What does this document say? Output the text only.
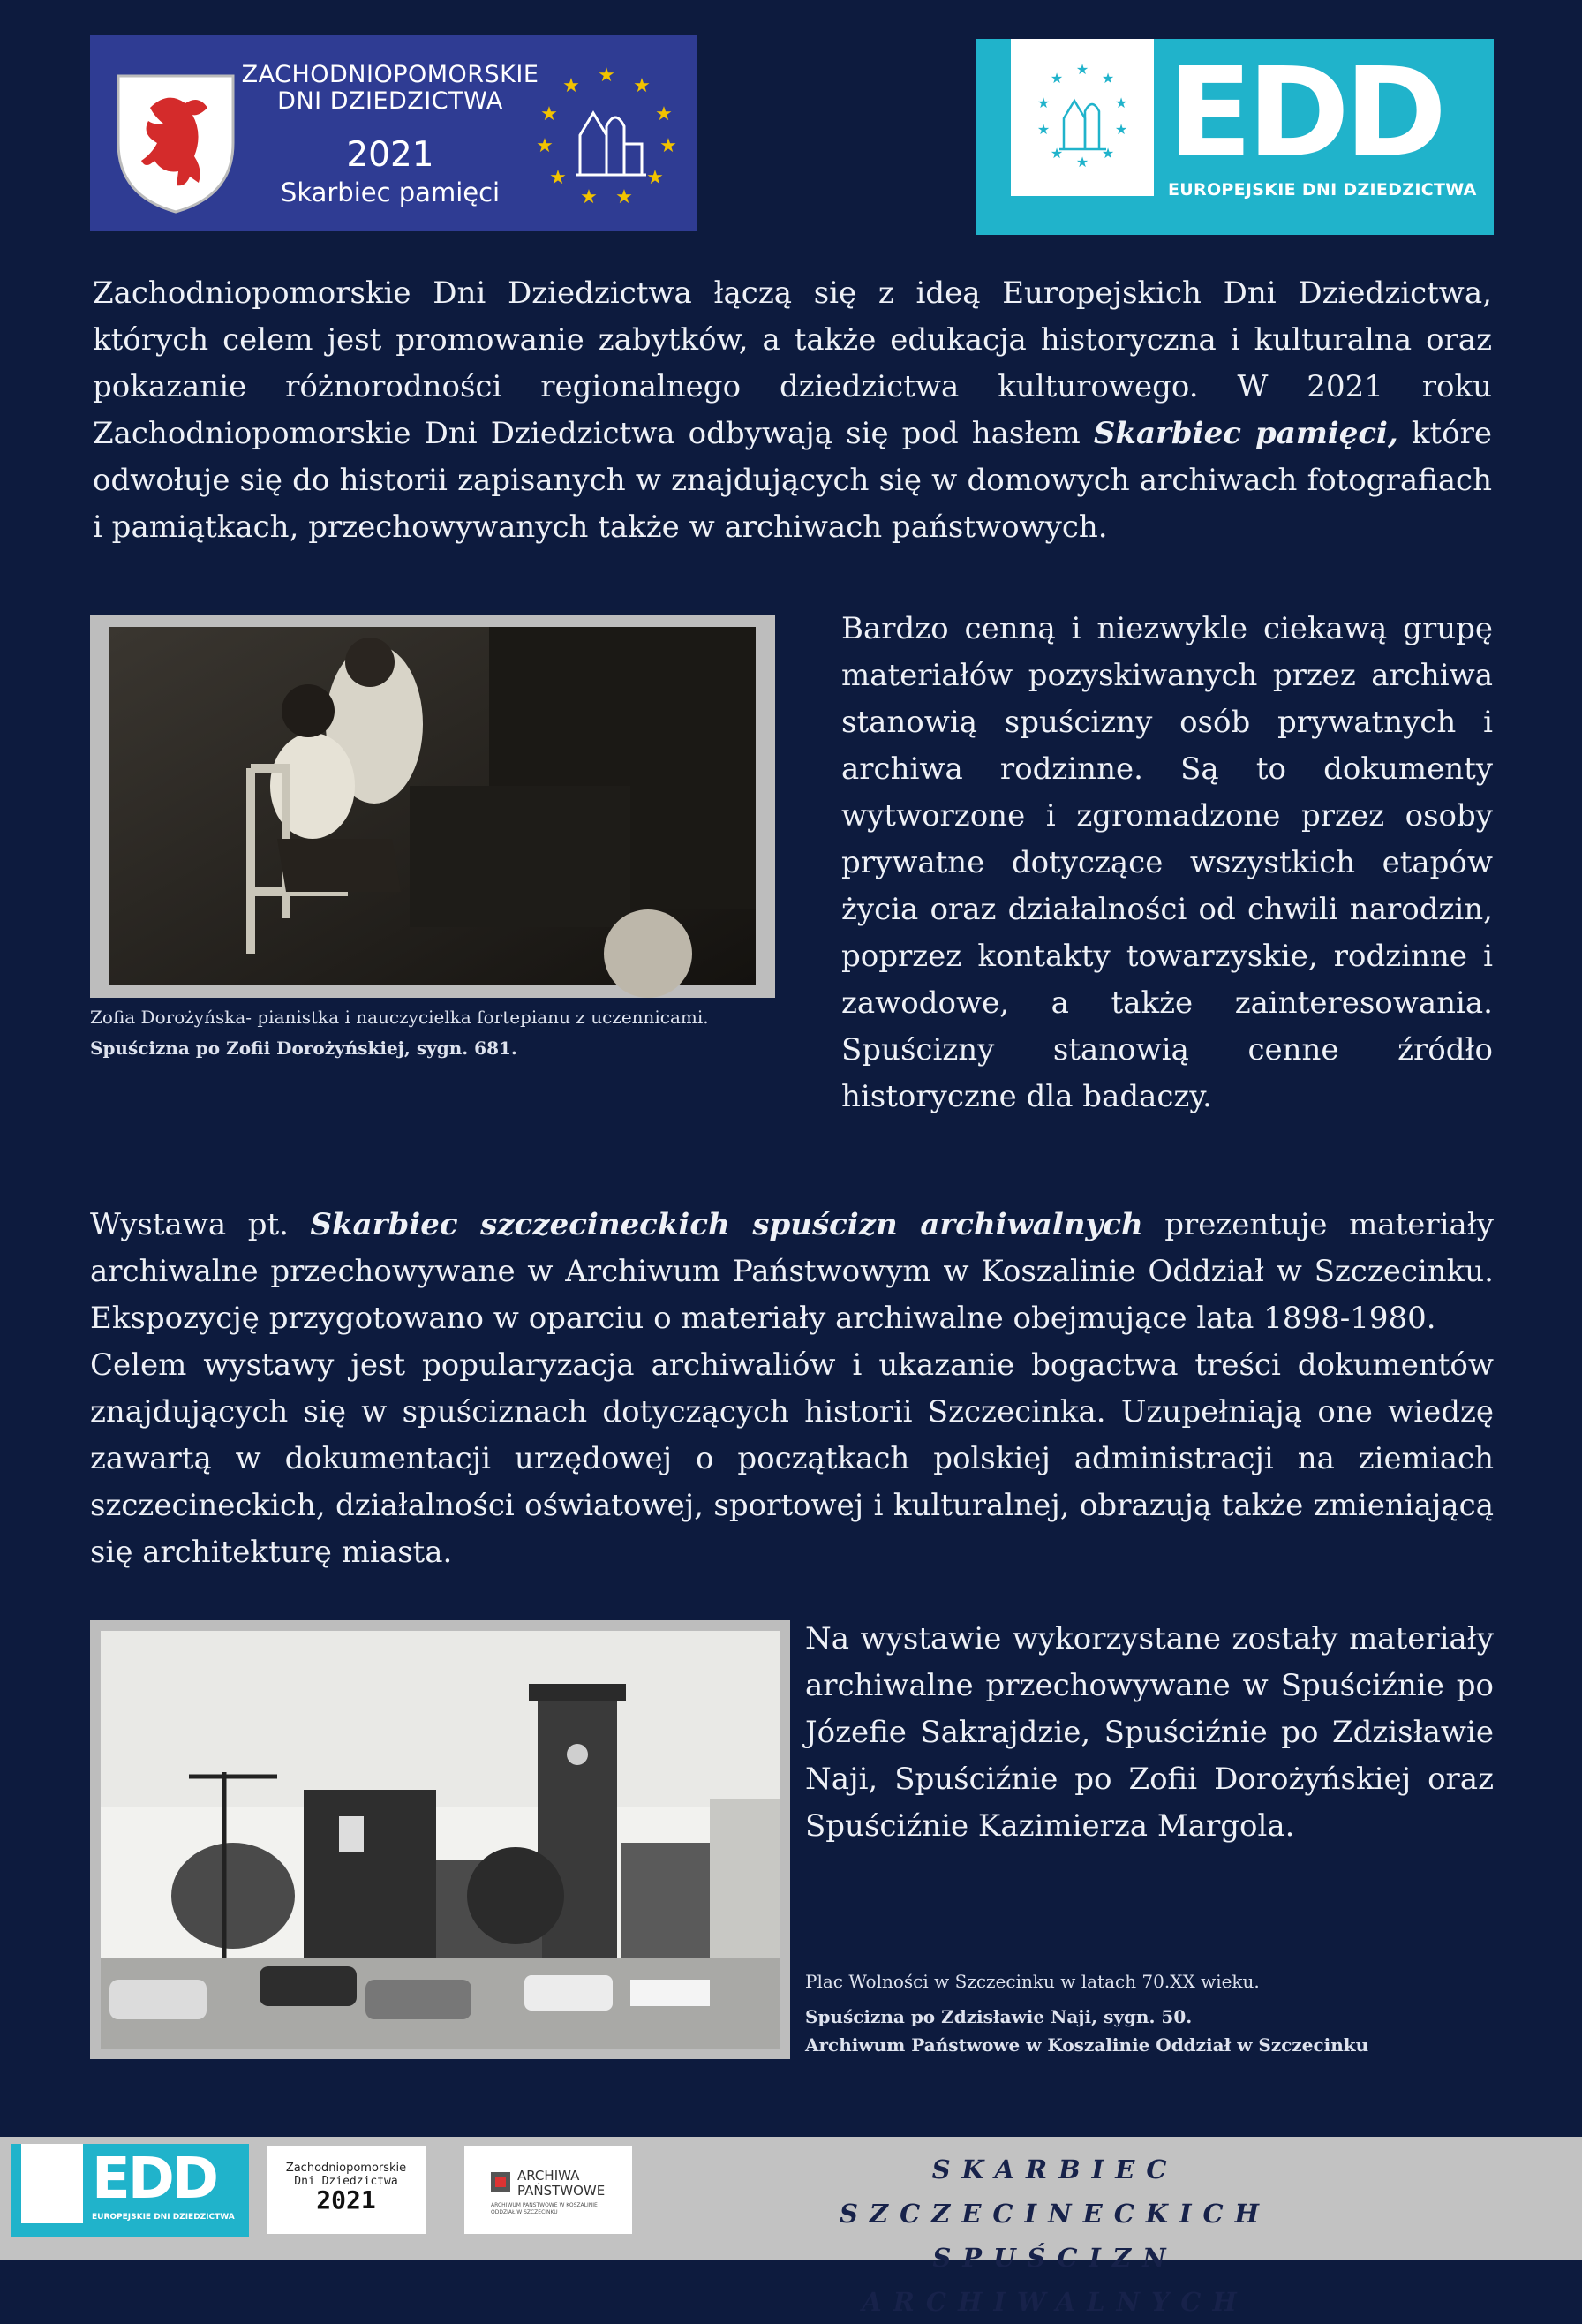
ZACHODNIOPOMORSKIE
DNI DZIEDZICTWA
2021
Skarbiec pamięci
★ ★
★
★
★
★
★
★
★
★
★
★
★
★
★
★
★
★
★
★
★ EDD
EUROPEJSKIE DNI DZIEDZICTWA

Zachodniopomorskie Dni Dziedzictwa łączą się z ideą Europejskich Dni Dziedzictwa, których celem jest promowanie zabytków, a także edukacja historyczna i kulturalna oraz pokazanie różnorodności regionalnego dziedzictwa kulturowego. W 2021 roku Zachodniopomorskie Dni Dziedzictwa odbywają się pod hasłem Skarbiec pamięci, które odwołuje się do historii zapisanych w znajdujących się w domowych archiwach fotografiach i pamiątkach, przechowywanych także w archiwach państwowych.

Zofia Dorożyńska- pianistka i nauczycielka fortepianu z uczennicami.
Spuścizna po Zofii Dorożyńskiej, sygn. 681.

Bardzo cenną i niezwykle ciekawą grupę materiałów pozyskiwanych przez archiwa stanowią spuścizny osób prywatnych i archiwa rodzinne. Są to dokumenty wytworzone i zgromadzone przez osoby prywatne dotyczące wszystkich etapów życia oraz działalności od chwili narodzin, poprzez kontakty towarzyskie, rodzinne i zawodowe, a także zainteresowania. Spuścizny stanowią cenne źródło historyczne dla badaczy.

Wystawa pt. Skarbiec szczecineckich spuścizn archiwalnych prezentuje materiały archiwalne przechowywane w Archiwum Państwowym w Koszalinie Oddział w Szczecinku. Ekspozycję przygotowano w oparciu o materiały archiwalne obejmujące lata 1898-1980.

Celem wystawy jest popularyzacja archiwaliów i ukazanie bogactwa treści dokumentów znajdujących się w spuściznach dotyczących historii Szczecinka. Uzupełniają one wiedzę zawartą w dokumentacji urzędowej o początkach polskiej administracji na ziemiach szczecineckich, działalności oświatowej, sportowej i kulturalnej, obrazują także zmieniającą się architekturę miasta.

Na wystawie wykorzystane zostały materiały archiwalne przechowywane w Spuściźnie po Józefie Sakrajdzie, Spuściźnie po Zdzisławie Naji, Spuściźnie po Zofii Dorożyńskiej oraz Spuściźnie Kazimierza Margola.

Plac Wolności w Szczecinku w latach 70.XX wieku.
Spuścizna po Zdzisławie Naji, sygn. 50.
Archiwum Państwowe w Koszalinie Oddział w Szczecinku
EDD
EUROPEJSKIE DNI DZIEDZICTWA
Zachodniopomorskie
Dni Dziedzictwa
2021
ARCHIWA
PAŃSTWOWE
ARCHIWUM PAŃSTWOWE W KOSZALINIE ODDZIAŁ W SZCZECINKU
SKARBIEC SZCZECINECKICH
SPUŚCIZN ARCHIWALNYCH
